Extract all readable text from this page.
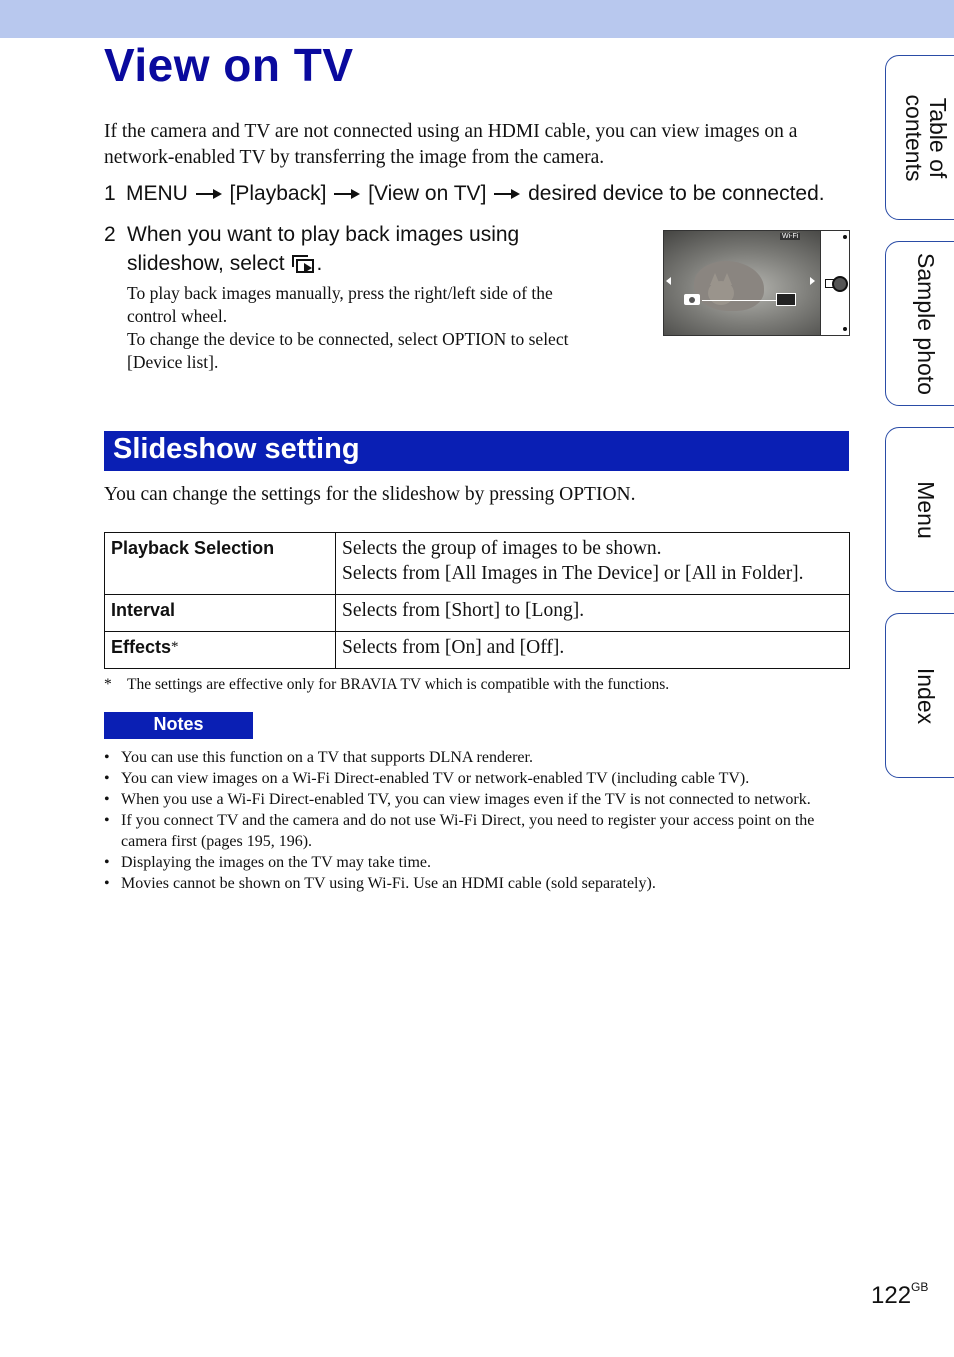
View on TV

If the camera and TV are not connected using an HDMI cable, you can view images on a network-enabled TV by transferring the image from the camera.

1 MENU [Playback] [View on TV] desired device to be connected.

2 When you want to play back images using
slideshow, select .

To play back images manually, press the right/left side of the control wheel.

To change the device to be connected, select OPTION to select [Device list].

Wi-Fi
Slideshow setting

You can change the settings for the slideshow by pressing OPTION.

Playback Selection	Selects the group of images to be shown.
Selects from [All Images in The Device] or [All in Folder].

Interval	Selects from [Short] to [Long].

Effects*	Selects from [On] and [Off].

* The settings are effective only for BRAVIA TV which is compatible with the functions.

Notes
• You can use this function on a TV that supports DLNA renderer.
• You can view images on a Wi-Fi Direct-enabled TV or network-enabled TV (including cable TV).
• When you use a Wi-Fi Direct-enabled TV, you can view images even if the TV is not connected to network.
• If you connect TV and the camera and do not use Wi-Fi Direct, you need to register your access point on the camera first (pages 195, 196).
• Displaying the images on the TV may take time.
• Movies cannot be shown on TV using Wi-Fi. Use an HDMI cable (sold separately).
Table of
contents
Sample photo
Menu
Index
$122^{GB}$
